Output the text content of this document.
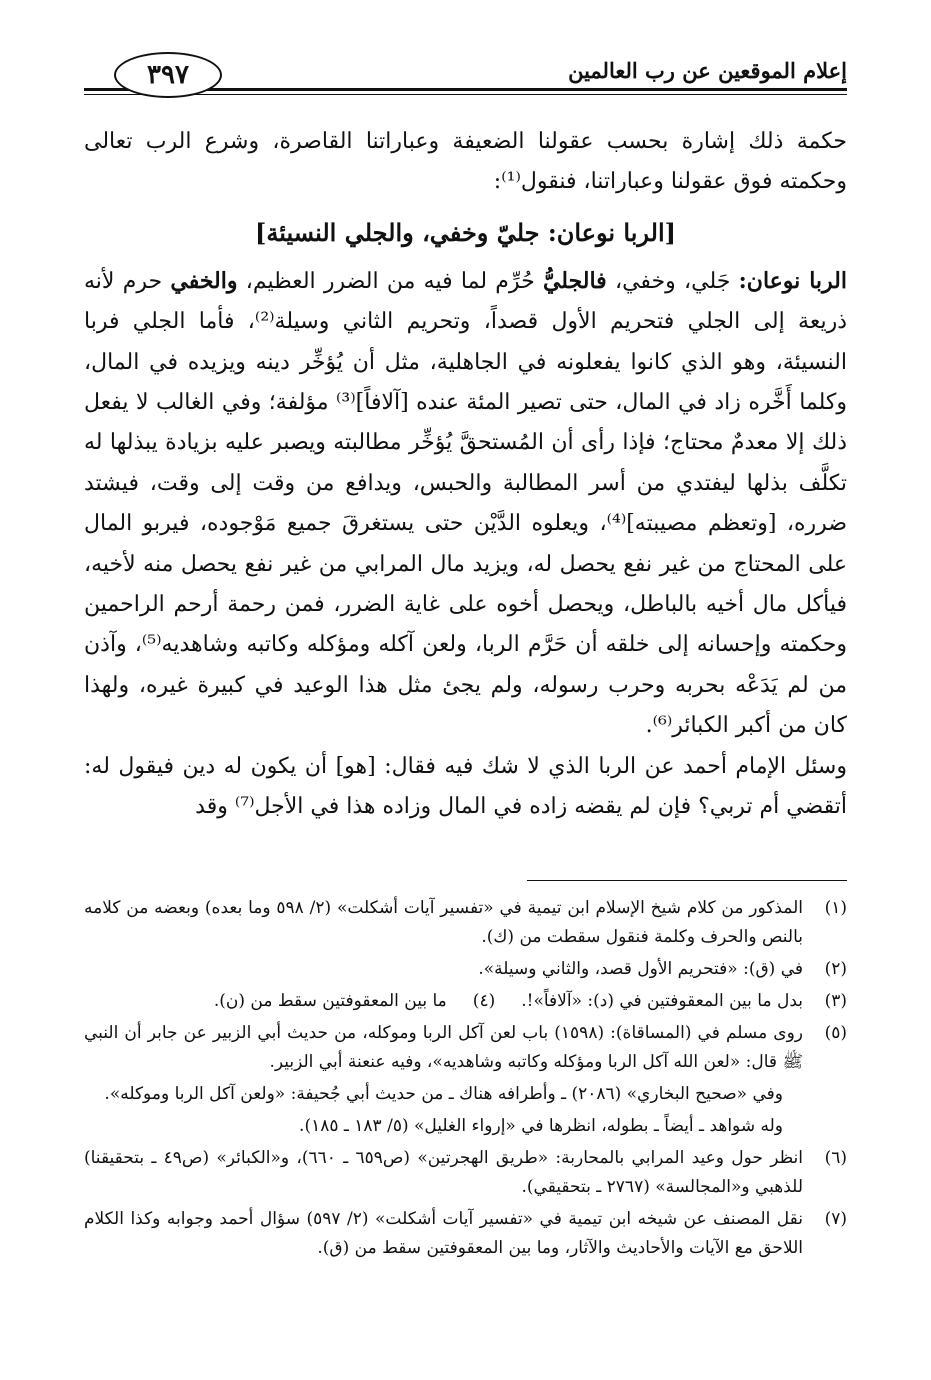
إعلام الموقعين عن رب العالمين
٣٩٧

حكمة ذلك إشارة بحسب عقولنا الضعيفة وعباراتنا القاصرة، وشرع الرب تعالى وحكمته فوق عقولنا وعباراتنا، فنقول⁽¹⁾:

[الربا نوعان: جليّ وخفي، والجلي النسيئة]

الربا نوعان: جَلي، وخفي، فالجليُّ حُرِّم لما فيه من الضرر العظيم، والخفي حرم لأنه ذريعة إلى الجلي فتحريم الأول قصداً، وتحريم الثاني وسيلة⁽²⁾، فأما الجلي فربا النسيئة، وهو الذي كانوا يفعلونه في الجاهلية، مثل أن يُؤخِّر دينه ويزيده في المال، وكلما أَخَّره زاد في المال، حتى تصير المئة عنده [آلافاً]⁽³⁾ مؤلفة؛ وفي الغالب لا يفعل ذلك إلا معدمٌ محتاج؛ فإذا رأى أن المُستحقَّ يُؤخِّر مطالبته ويصبر عليه بزيادة يبذلها له تكلَّف بذلها ليفتدي من أسر المطالبة والحبس، ويدافع من وقت إلى وقت، فيشتد ضرره، [وتعظم مصيبته]⁽⁴⁾، ويعلوه الدَّيْن حتى يستغرقَ جميع مَوْجوده، فيربو المال على المحتاج من غير نفع يحصل له، ويزيد مال المرابي من غير نفع يحصل منه لأخيه، فيأكل مال أخيه بالباطل، ويحصل أخوه على غاية الضرر، فمن رحمة أرحم الراحمين وحكمته وإحسانه إلى خلقه أن حَرَّم الربا، ولعن آكله ومؤكله وكاتبه وشاهديه⁽⁵⁾، وآذن من لم يَدَعْه بحربه وحرب رسوله، ولم يجئ مثل هذا الوعيد في كبيرة غيره، ولهذا كان من أكبر الكبائر⁽⁶⁾.

وسئل الإمام أحمد عن الربا الذي لا شك فيه فقال: [هو] أن يكون له دين فيقول له: أتقضي أم تربي؟ فإن لم يقضه زاده في المال وزاده هذا في الأجل⁽⁷⁾ وقد

(١)
المذكور من كلام شيخ الإسلام ابن تيمية في «تفسير آيات أشكلت» (٢/ ٥٩٨ وما بعده) وبعضه من كلامه بالنص والحرف وكلمة فنقول سقطت من (ك).
(٢)
في (ق): «فتحريم الأول قصد، والثاني وسيلة».
(٣)
بدل ما بين المعقوفتين في (د): «آلافاً»!.(٤)ما بين المعقوفتين سقط من (ن).
(٥)
روى مسلم في (المساقاة): (١٥٩٨) باب لعن آكل الربا وموكله، من حديث أبي الزبير عن جابر أن النبي ﷺ قال: «لعن الله آكل الربا ومؤكله وكاتبه وشاهديه»، وفيه عنعنة أبي الزبير.
وفي «صحيح البخاري» (٢٠٨٦) ـ وأطرافه هناك ـ من حديث أبي جُحيفة: «ولعن آكل الربا وموكله».
وله شواهد ـ أيضاً ـ بطوله، انظرها في «إرواء الغليل» (٥/ ١٨٣ ـ ١٨٥).
(٦)
انظر حول وعيد المرابي بالمحاربة: «طريق الهجرتين» (ص٦٥٩ ـ ٦٦٠)، و«الكبائر» (ص٤٩ ـ بتحقيقنا) للذهبي و«المجالسة» (٢٧٦٧ ـ بتحقيقي).
(٧)
نقل المصنف عن شيخه ابن تيمية في «تفسير آيات أشكلت» (٢/ ٥٩٧) سؤال أحمد وجوابه وكذا الكلام اللاحق مع الآيات والأحاديث والآثار، وما بين المعقوفتين سقط من (ق).
